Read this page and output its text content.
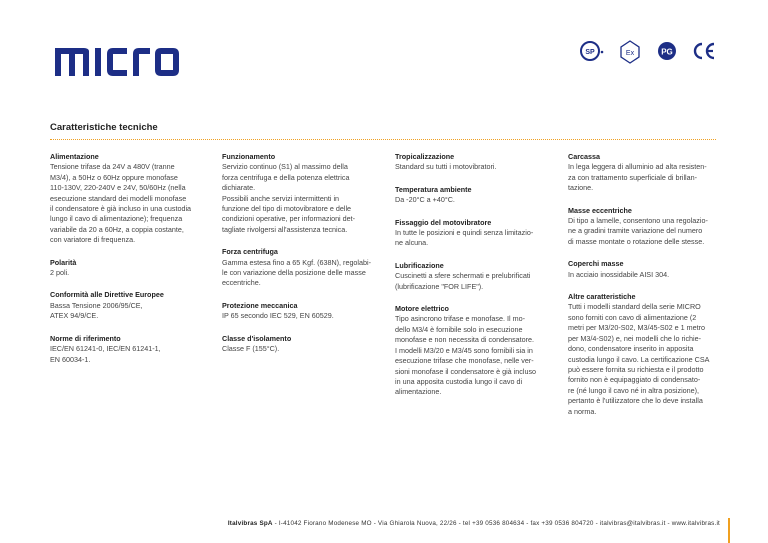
SP	Ex	PG
Caratteristiche tecniche
Alimentazione
Tensione trifase da 24V a 480V (tranne
M3/4), a 50Hz o 60Hz oppure monofase
110-130V, 220-240V e 24V, 50/60Hz (nella
esecuzione standard dei modelli monofase
il condensatore è già incluso in una custodia
lungo il cavo di alimentazione); frequenza
variabile da 20 a 60Hz, a coppia costante,
con variatore di frequenza.
Polarità
2 poli.
Conformità alle Direttive Europee
Bassa Tensione 2006/95/CE,
ATEX 94/9/CE.
Norme di riferimento
IEC/EN 61241-0, IEC/EN 61241-1,
EN 60034-1.
Funzionamento
Servizio continuo (S1) al massimo della
forza centrifuga e della potenza elettrica
dichiarate.
Possibili anche servizi intermittenti in
funzione del tipo di motovibratore e delle
condizioni operative, per informazioni det-
tagliate rivolgersi all'assistenza tecnica.
Forza centrifuga
Gamma estesa fino a 65 Kgf. (638N), regolabi-
le con variazione della posizione delle masse
eccentriche.
Protezione meccanica
IP 65 secondo IEC 529, EN 60529.
Classe d'isolamento
Classe F (155°C).
Tropicalizzazione
Standard su tutti i motovibratori.
Temperatura ambiente
Da -20°C a +40°C.
Fissaggio del motovibratore
In tutte le posizioni e quindi senza limitazio-
ne alcuna.
Lubrificazione
Cuscinetti a sfere schermati e prelubrificati
(lubrificazione "FOR LIFE").
Motore elettrico
Tipo asincrono trifase e monofase. Il mo-
dello M3/4 è fornibile solo in esecuzione
monofase e non necessita di condensatore.
I modelli M3/20 e M3/45 sono fornibili sia in
esecuzione trifase che monofase, nelle ver-
sioni monofase il condensatore è già incluso
in una apposita custodia lungo il cavo di
alimentazione.
Carcassa
In lega leggera di alluminio ad alta resisten-
za con trattamento superficiale di brillan-
tazione.
Masse eccentriche
Di tipo a lamelle, consentono una regolazio-
ne a gradini tramite variazione del numero
di masse montate o rotazione delle stesse.
Coperchi masse
In acciaio inossidabile AISI 304.
Altre caratteristiche
Tutti i modelli standard della serie MICRO
sono forniti con cavo di alimentazione (2
metri per M3/20-S02, M3/45-S02 e 1 metro
per M3/4-S02) e, nei modelli che lo richie-
dono, condensatore inserito in apposita
custodia lungo il cavo. La certificazione CSA
può essere fornita su richiesta e il prodotto
fornito non è equipaggiato di condensato-
re (né lungo il cavo né in altra posizione),
pertanto è l'utilizzatore che lo deve installa
a norma.
Italvibras SpA - I-41042 Fiorano Modenese MO - Via Ghiarola Nuova, 22/26 - tel +39 0536 804634 - fax +39 0536 804720 - italvibras@italvibras.it - www.italvibras.it
